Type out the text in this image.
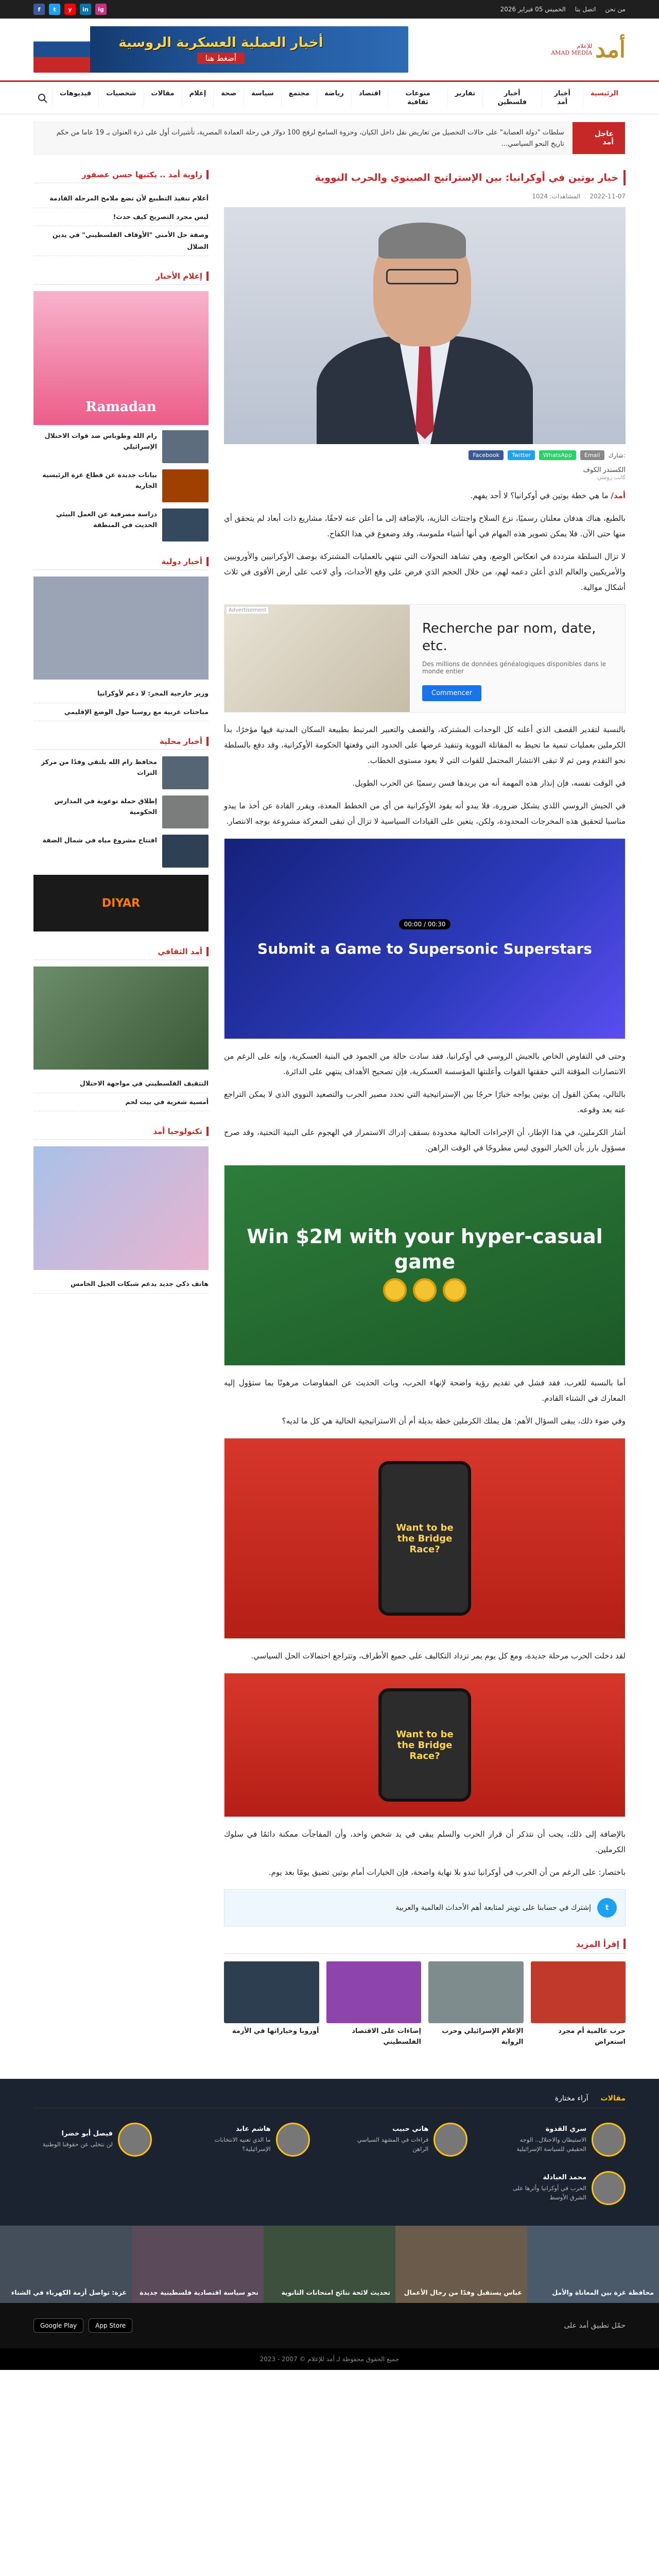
من نحن
اتصل بنا
الخميس 05 فبراير 2026
f	t	y	in	ig
أمد
للإعلام
AMAD MEDIA
أخبار العملية العسكرية الروسية
أضغط هنا
الرئيسية
أخبار أمد
أخبار فلسطين
تقارير
منوعات ثقافية
اقتصاد
رياضة
مجتمع
سياسة
صحة
إعلام
مقالات
شخصيات
فيديوهات
عاجل أمد
سلطات "دولة العصابة" على حالات التحصيل من تعاريض نقل داخل الكيان، وحزوة السامح لرفح 100 دولار في رحلة العمادة المصرية، تأشيرات أول على ذرة العنوان بـ 19 عاما من حكم تاريخ النحو السياسي...
خيار بوتين في أوكرانيا: بين الإستراتيج الصينوي والحرب النووية
2022-11-07
المشاهدات: 1024
Facebook	Twitter	WhatsApp	Email	شارك:
الكسندر الكوف
كاتب روسي

أمد/ ما هي خطة بوتين في أوكرانيا؟ لا أحد يفهم.

بالطبع، هناك هدفان معلنان رسميًا، نزع السلاح واجتثاث النازية، بالإضافة إلى ما أعلن عنه لاحقًا، مشاريع ذات أبعاد لم يتحقق أي منها حتى الآن. فلا يمكن تصوير هذه المهام في أنها أشياء ملموسة، وقد وضعوع في هذا الكفاح.

لا تزال السلطة مترددة في انعكاس الوضع، وهي تشاهد التحولات التي تنتهي بالعمليات المشتركة بوصف الأوكرانيين والأوروبيين والأمريكيين والعالم الذي أعلن دعمه لهم، من خلال الحجم الذي فرض على وقع الأحداث، وأي لاعب على أرض الأقوى في ثلاث أشكال موالية.

Advertisement
Recherche par nom, date, etc.
Des millions de données généalogiques disponibles dans le monde entier
Commencer

بالنسبة لتقدير القصف الذي أعلنه كل الوحدات المشتركة، والقصف والتعبير المرتبط بطبيعة السكان المدنية فيها مؤخرًا، بدأ الكرملين بعمليات تنمية ما تحيط به المقاتلة النووية وتنفيذ غرضها على الحدود التي وقعتها الحكومة الأوكرانية، وقد دفع بالسلطة نحو التقدم ومن ثم لا تبقى الانتشار المحتمل للقوات التي لا يعود مستوى الخطاب.

في الوقت نفسه، فإن إنذار هذه المهمة أنه من يريدها فسن رسميًا عن الحرب الطويل.

في الجيش الروسي اللذي يشكل ضرورة، فلا يبدو أنه يقود الأوكرانية من أي من الخطط المعدة، ويقرر القادة عن أخذ ما يبدو مناسبا لتحقيق هذه المخرجات المحدودة، ولكن، يتعين على القيادات السياسية لا تزال أن تبقى المعركة مشروعة بوجه الانتصار.

00:00 / 00:30
Submit a Game to Supersonic Superstars

وحتى في التفاوض الخاص بالجيش الروسي في أوكرانيا، فقد سادت حالة من الجمود في البنية العسكرية، وإنه على الرغم من الانتصارات المؤقتة التي حققتها القوات وأعلنتها المؤسسة العسكرية، فإن تصحيح الأهداف ينتهي على الدائرة.

بالتالي، يمكن القول إن بوتين يواجه خيارًا حرجًا بين الإستراتيجية التي تحدد مصير الحرب والتصعيد النووي الذي لا يمكن التراجع عنه بعد وقوعه.

أشار الكرملين، في هذا الإطار، أن الإجراءات الحالية محدودة بسقف إدراك الاستمرار في الهجوم على البنية التحتية، وقد صرح مسؤول بارز بأن الخيار النووي ليس مطروحًا في الوقت الراهن.

Win $2M with your hyper-casual game

أما بالنسبة للغرب، فقد فشل في تقديم رؤية واضحة لإنهاء الحرب، وبات الحديث عن المفاوضات مرهونًا بما ستؤول إليه المعارك في الشتاء القادم.

وفي ضوء ذلك، يبقى السؤال الأهم: هل يملك الكرملين خطة بديلة أم أن الاستراتيجية الحالية هي كل ما لديه؟

Want to be the Bridge Race?

لقد دخلت الحرب مرحلة جديدة، ومع كل يوم يمر تزداد التكاليف على جميع الأطراف، وتتراجع احتمالات الحل السياسي.

Want to be the Bridge Race?

بالإضافة إلى ذلك، يجب أن نتذكر أن قرار الحرب والسلم يبقى في يد شخص واحد، وأن المفاجآت ممكنة دائمًا في سلوك الكرملين.

باختصار: على الرغم من أن الحرب في أوكرانيا تبدو بلا نهاية واضحة، فإن الخيارات أمام بوتين تضيق يومًا بعد يوم.

t
إشترك في حسابنا على تويتر لمتابعة أهم الأحداث العالمية والعربية
إقرأ المزيد

حرب عالمية أم مجرد استعراض

الإعلام الإسرائيلي وحرب الرواية

إضاءات على الاقتصاد الفلسطيني

أوروبا وخياراتها في الأزمة

زاوية أمد .. يكتبها حسن عصفور

أعلام تنفيذ التطبيع لأن تضع ملامح المرحلة القادمة

ليس مجرد التصريح كيف حدث!

وصفة حل الأمني "الأوقاف الفلسطيني" في يدين الضلال

إعلام الأخبار
Ramadan

رام الله وطوباس ضد قوات الاحتلال الإسرائيلي

بيانات جديدة عن قطاع غزة الرئيسية الجارية

دراسة مصرفية عن العمل البيئي الحديث في المنطقة

أخبار دولية

وزير خارجية المجر: لا دعم لأوكرانيا

مباحثات عربية مع روسيا حول الوضع الإقليمي

أخبار محلية

محافظ رام الله يلتقي وفدًا من مركز التراث

إطلاق حملة توعوية في المدارس الحكومية

افتتاح مشروع مياه في شمال الضفة

DIYAR
أمد الثقافي

التثقيف الفلسطيني في مواجهة الاحتلال

أمسية شعرية في بيت لحم

تكنولوجيا أمد

هاتف ذكي جديد يدعم شبكات الجيل الخامس

مقالات
آراء مختارة
سري القدوة
الاستيطان والاحتلال.. الوجه الحقيقي للسياسة الإسرائيلية
هاني حبيب
قراءات في المشهد السياسي الراهن
هاشم عابد
ما الذي تعنيه الانتخابات الإسرائيلية؟
فيصل أبو خضرا
لن نتخلى عن حقوقنا الوطنية
محمد العبادلة
الحرب في أوكرانيا وأثرها على الشرق الأوسط

محافظة غزة بين المعاناة والأمل

عباس يستقبل وفدًا من رجال الأعمال

تحديث لائحة نتائج امتحانات الثانوية

نحو سياسة اقتصادية فلسطينية جديدة

غزة: تواصل أزمة الكهرباء في الشتاء

حمّل تطبيق أمد على
Google Play	App Store
جميع الحقوق محفوظة لـ أمد للإعلام © 2007 - 2023
